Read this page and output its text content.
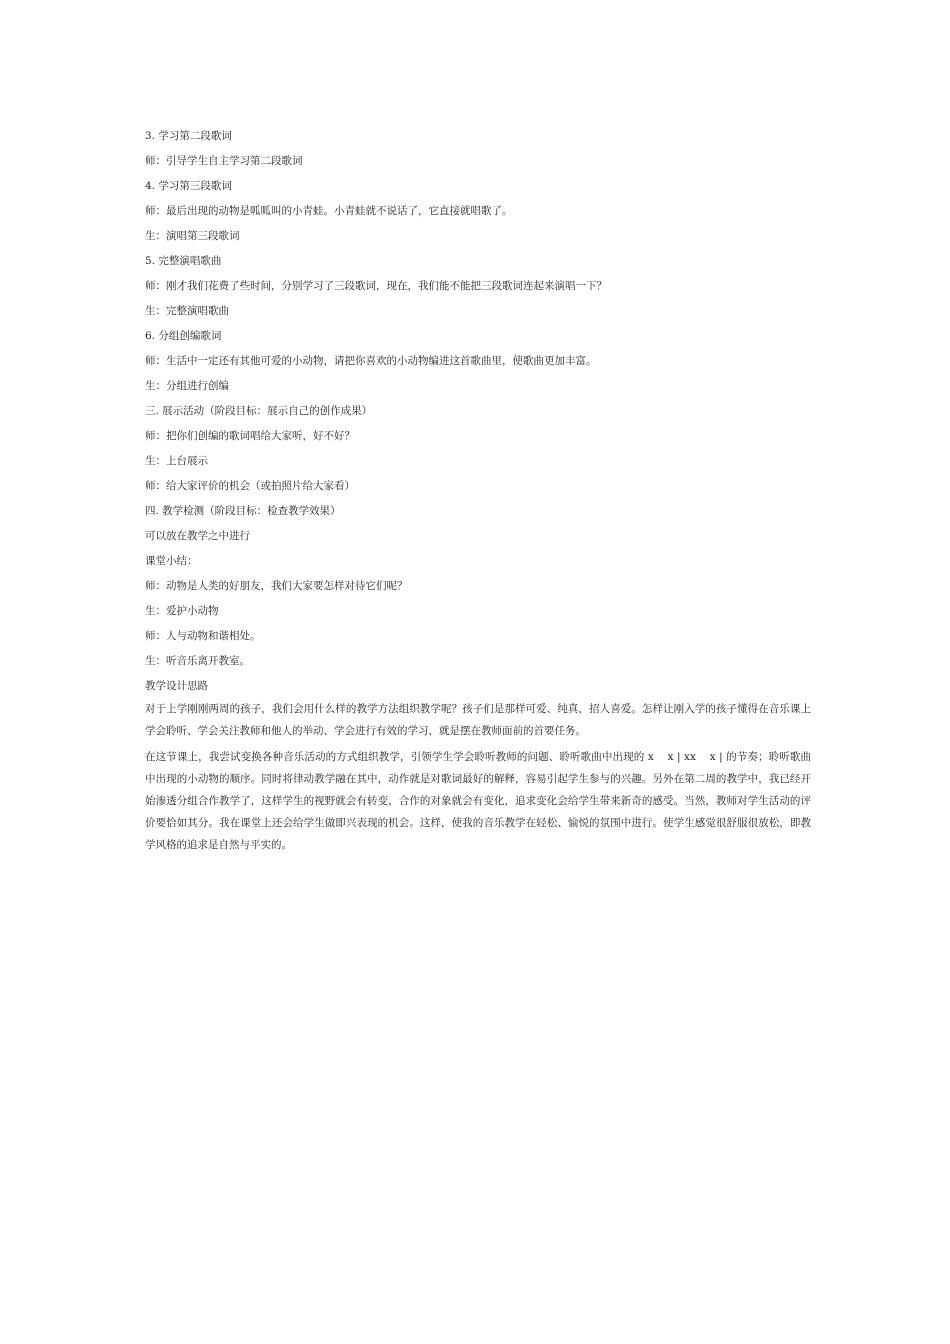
3. 学习第二段歌词
师：引导学生自主学习第二段歌词
4. 学习第三段歌词
师：最后出现的动物是呱呱叫的小青蛙。小青蛙就不说话了，它直接就唱歌了。
生：演唱第三段歌词
5. 完整演唱歌曲
师：刚才我们花费了些时间，分别学习了三段歌词，现在，我们能不能把三段歌词连起来演唱一下？
生：完整演唱歌曲
6. 分组创编歌词
师：生活中一定还有其他可爱的小动物，请把你喜欢的小动物编进这首歌曲里，使歌曲更加丰富。
生：分组进行创编
三. 展示活动（阶段目标：展示自己的创作成果）
师：把你们创编的歌词唱给大家听，好不好？
生：上台展示
师：给大家评价的机会（或拍照片给大家看）
四. 教学检测（阶段目标：检查教学效果）
可以放在教学之中进行
课堂小结：
师：动物是人类的好朋友，我们大家要怎样对待它们呢？
生：爱护小动物
师：人与动物和谐相处。
生：听音乐离开教室。
教学设计思路
对于上学刚刚两周的孩子，我们会用什么样的教学方法组织教学呢？孩子们是那样可爱、纯真，招人喜爱。怎样让刚入学的孩子懂得在音乐课上学会聆听、学会关注教师和他人的举动、学会进行有效的学习，就是摆在教师面前的首要任务。
在这节课上，我尝试变换各种音乐活动的方式组织教学，引领学生学会聆听教师的问题、聆听歌曲中出现的 x    x | xx    x | 的节奏；聆听歌曲中出现的小动物的顺序。同时将律动教学融在其中，动作就是对歌词最好的解释，容易引起学生参与的兴趣。另外在第二周的教学中，我已经开始渗透分组合作教学了，这样学生的视野就会有转变，合作的对象就会有变化，追求变化会给学生带来新奇的感受。当然，教师对学生活动的评价要恰如其分。我在课堂上还会给学生做即兴表现的机会。这样，使我的音乐教学在轻松、愉悦的氛围中进行。使学生感觉很舒服很放松，即教学风格的追求是自然与平实的。
